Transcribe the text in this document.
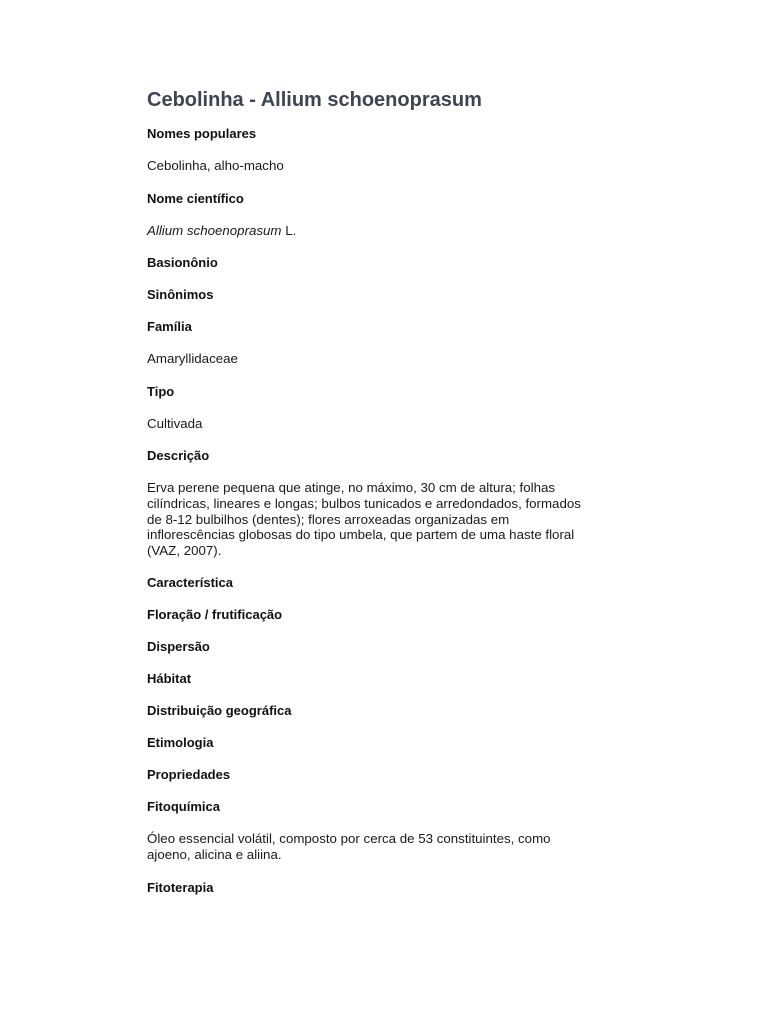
Cebolinha - Allium schoenoprasum
Nomes populares
Cebolinha, alho-macho
Nome científico
Allium schoenoprasum L.
Basionônio
Sinônimos
Família
Amaryllidaceae
Tipo
Cultivada
Descrição
Erva perene pequena que atinge, no máximo, 30 cm de altura; folhas
cilíndricas, lineares e longas; bulbos tunicados e arredondados, formados
de 8-12 bulbilhos (dentes); flores arroxeadas organizadas em
inflorescências globosas do tipo umbela, que partem de uma haste floral
(VAZ, 2007).
Característica
Floração / frutificação
Dispersão
Hábitat
Distribuição geográfica
Etimologia
Propriedades
Fitoquímica
Óleo essencial volátil, composto por cerca de 53 constituintes, como
ajoeno, alicina e aliina.
Fitoterapia
